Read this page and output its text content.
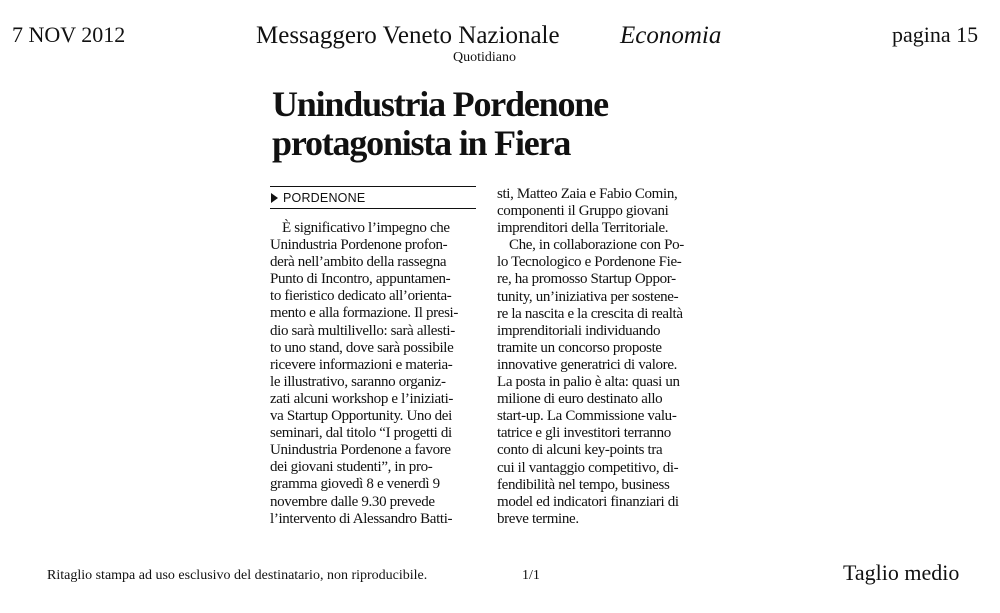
7 NOV 2012	Messaggero Veneto Nazionale Economia	pagina 15
Quotidiano
Unindustria Pordenone
protagonista in Fiera
PORDENONE
È significativo l’impegno che
Unindustria Pordenone profon-
derà nell’ambito della rassegna
Punto di Incontro, appuntamen-
to fieristico dedicato all’orienta-
mento e alla formazione. Il presi-
dio sarà multilivello: sarà allesti-
to uno stand, dove sarà possibile
ricevere informazioni e materia-
le illustrativo, saranno organiz-
zati alcuni workshop e l’iniziati-
va Startup Opportunity. Uno dei
seminari, dal titolo “I progetti di
Unindustria Pordenone a favore
dei giovani studenti”, in pro-
gramma giovedì 8 e venerdì 9
novembre dalle 9.30 prevede
l’intervento di Alessandro Batti-
sti, Matteo Zaia e Fabio Comin,
componenti il Gruppo giovani
imprenditori della Territoriale.
Che, in collaborazione con Po-
lo Tecnologico e Pordenone Fie-
re, ha promosso Startup Oppor-
tunity, un’iniziativa per sostene-
re la nascita e la crescita di realtà
imprenditoriali individuando
tramite un concorso proposte
innovative generatrici di valore.
La posta in palio è alta: quasi un
milione di euro destinato allo
start-up. La Commissione valu-
tatrice e gli investitori terranno
conto di alcuni key-points tra
cui il vantaggio competitivo, di-
fendibilità nel tempo, business
model ed indicatori finanziari di
breve termine.
Ritaglio stampa ad uso esclusivo del destinatario, non riproducibile.	1/1	Taglio medio
